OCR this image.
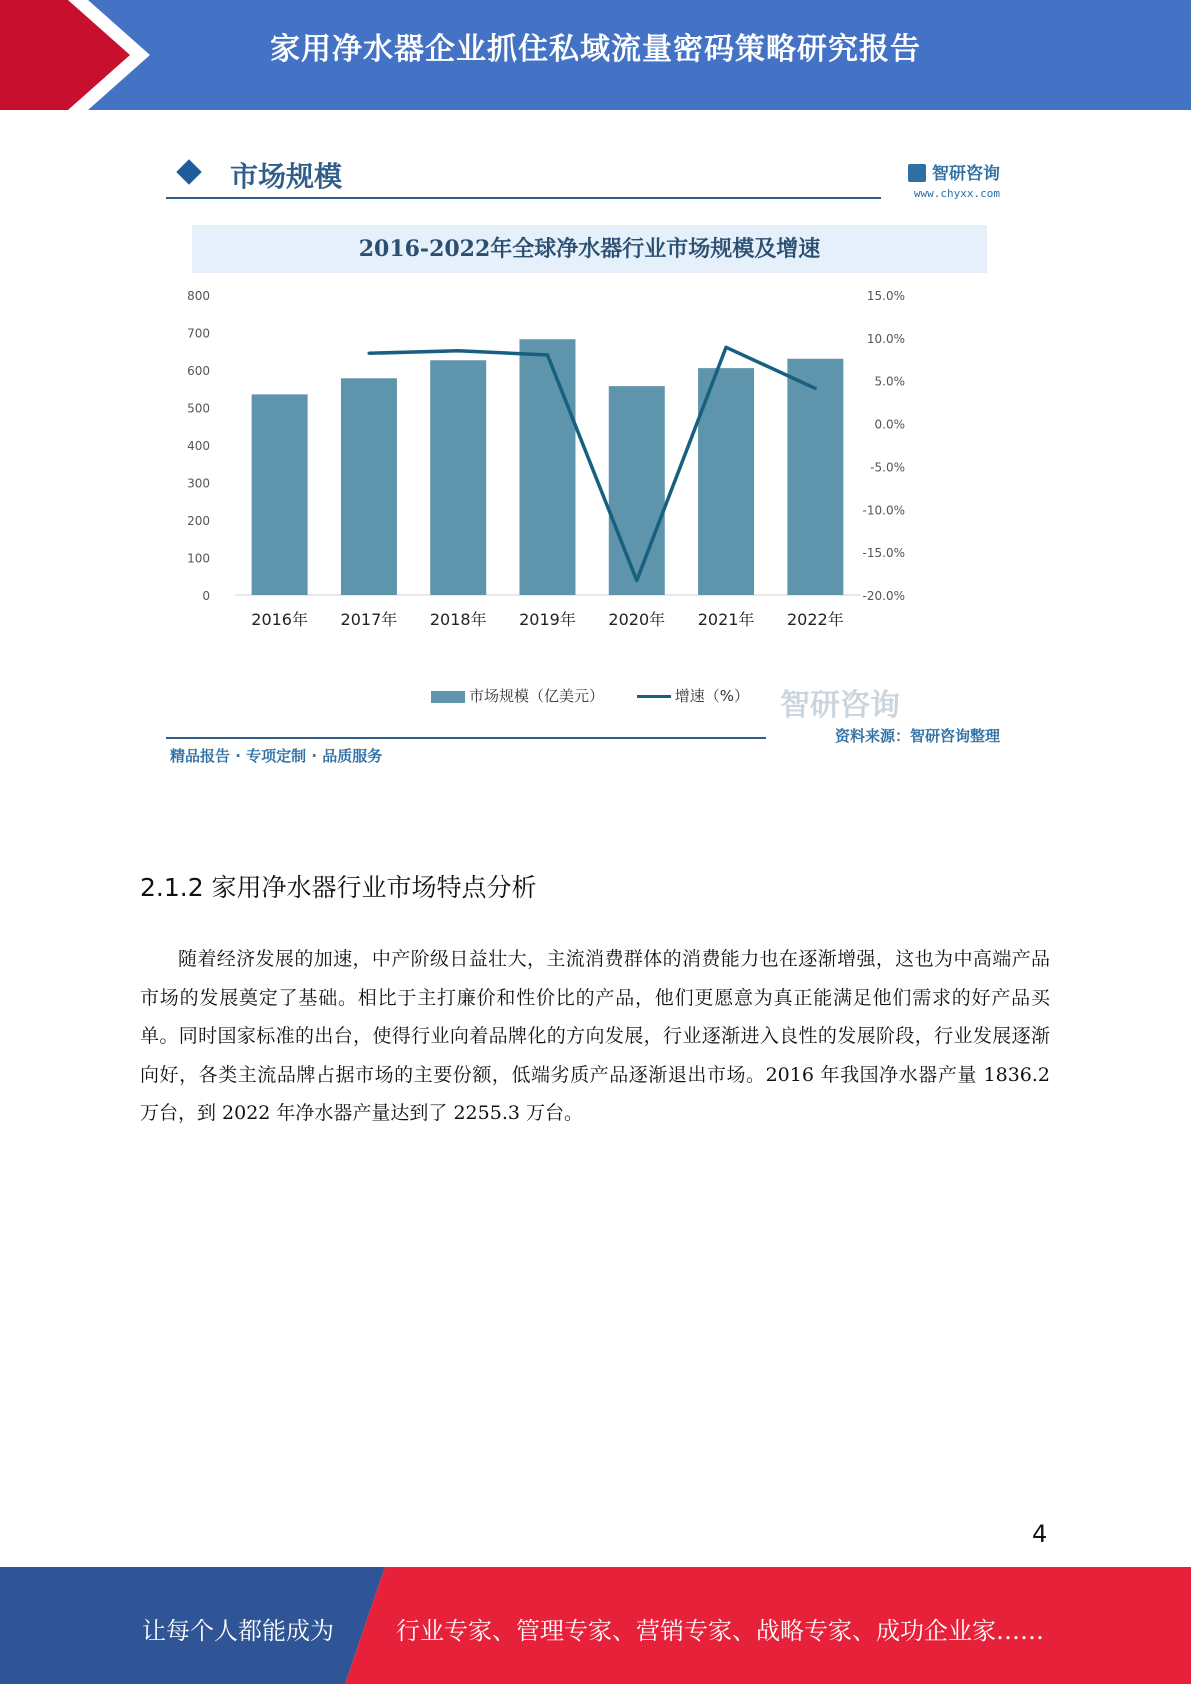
家用净水器企业抓住私域流量密码策略研究报告
市场规模	智研咨询
www.chyxx.com
2016-2022年全球净水器行业市场规模及增速
800
700
600
500
400
300
200
100
0
15.0%
10.0%
5.0%
0.0%
-5.0%
-10.0%
-15.0%
-20.0%
2016年 2017年 2018年 2019年 2020年 2021年 2022年
市场规模（亿美元）	增速（%）	智研咨询
资料来源：智研咨询整理
精品报告 · 专项定制 · 品质服务
2.1.2 家用净水器行业市场特点分析

随着经济发展的加速，中产阶级日益壮大，主流消费群体的消费能力也在逐渐增强，这也为中高端产品市场的发展奠定了基础。相比于主打廉价和性价比的产品，他们更愿意为真正能满足他们需求的好产品买单。同时国家标准的出台，使得行业向着品牌化的方向发展，行业逐渐进入良性的发展阶段，行业发展逐渐向好，各类主流品牌占据市场的主要份额，低端劣质产品逐渐退出市场。2016 年我国净水器产量 1836.2 万台，到 2022 年净水器产量达到了 2255.3 万台。

4
让每个人都能成为	行业专家、管理专家、营销专家、战略专家、成功企业家……
